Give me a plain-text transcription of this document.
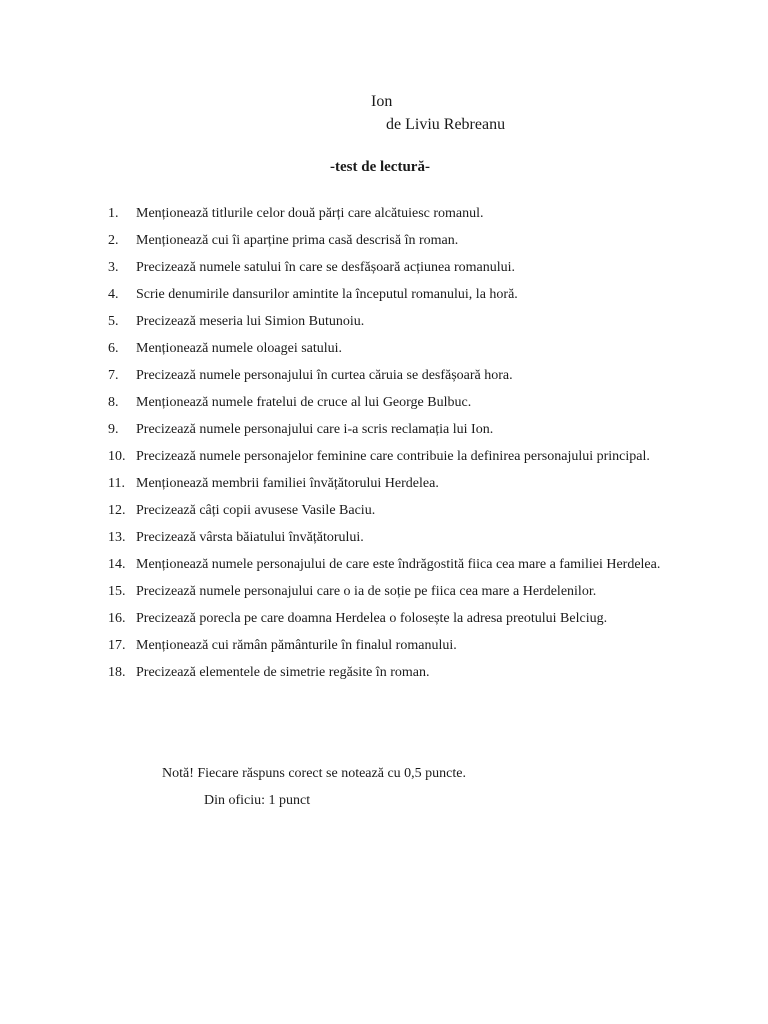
Ion
de Liviu Rebreanu
-test de lectură-
1.	Menționează titlurile celor două părți care alcătuiesc romanul.
2.	Menționează cui îi aparține prima casă descrisă în roman.
3.	Precizează numele satului în care se desfășoară acțiunea romanului.
4.	Scrie denumirile dansurilor amintite la începutul romanului, la horă.
5.	Precizează meseria lui Simion Butunoiu.
6.	Menționează numele oloagei satului.
7.	Precizează numele personajului în curtea căruia se desfășoară hora.
8.	Menționează numele fratelui de cruce al lui George Bulbuc.
9.	Precizează numele personajului care i-a scris reclamația lui Ion.
10. Precizează numele personajelor feminine care contribuie la definirea personajului principal.
11. Menționează membrii familiei învățătorului Herdelea.
12. Precizează câți copii avusese Vasile Baciu.
13. Precizează vârsta băiatului învățătorului.
14. Menționează numele personajului de care este îndrăgostită fiica cea mare a familiei Herdelea.
15. Precizează numele personajului care o ia de soție pe fiica cea mare a Herdelenilor.
16. Precizează porecla pe care doamna Herdelea o folosește la adresa preotului Belciug.
17. Menționează cui rămân pământurile în finalul romanului.
18. Precizează elementele de simetrie regăsite în roman.
Notă! Fiecare răspuns corect se notează cu 0,5 puncte.
Din oficiu: 1 punct
